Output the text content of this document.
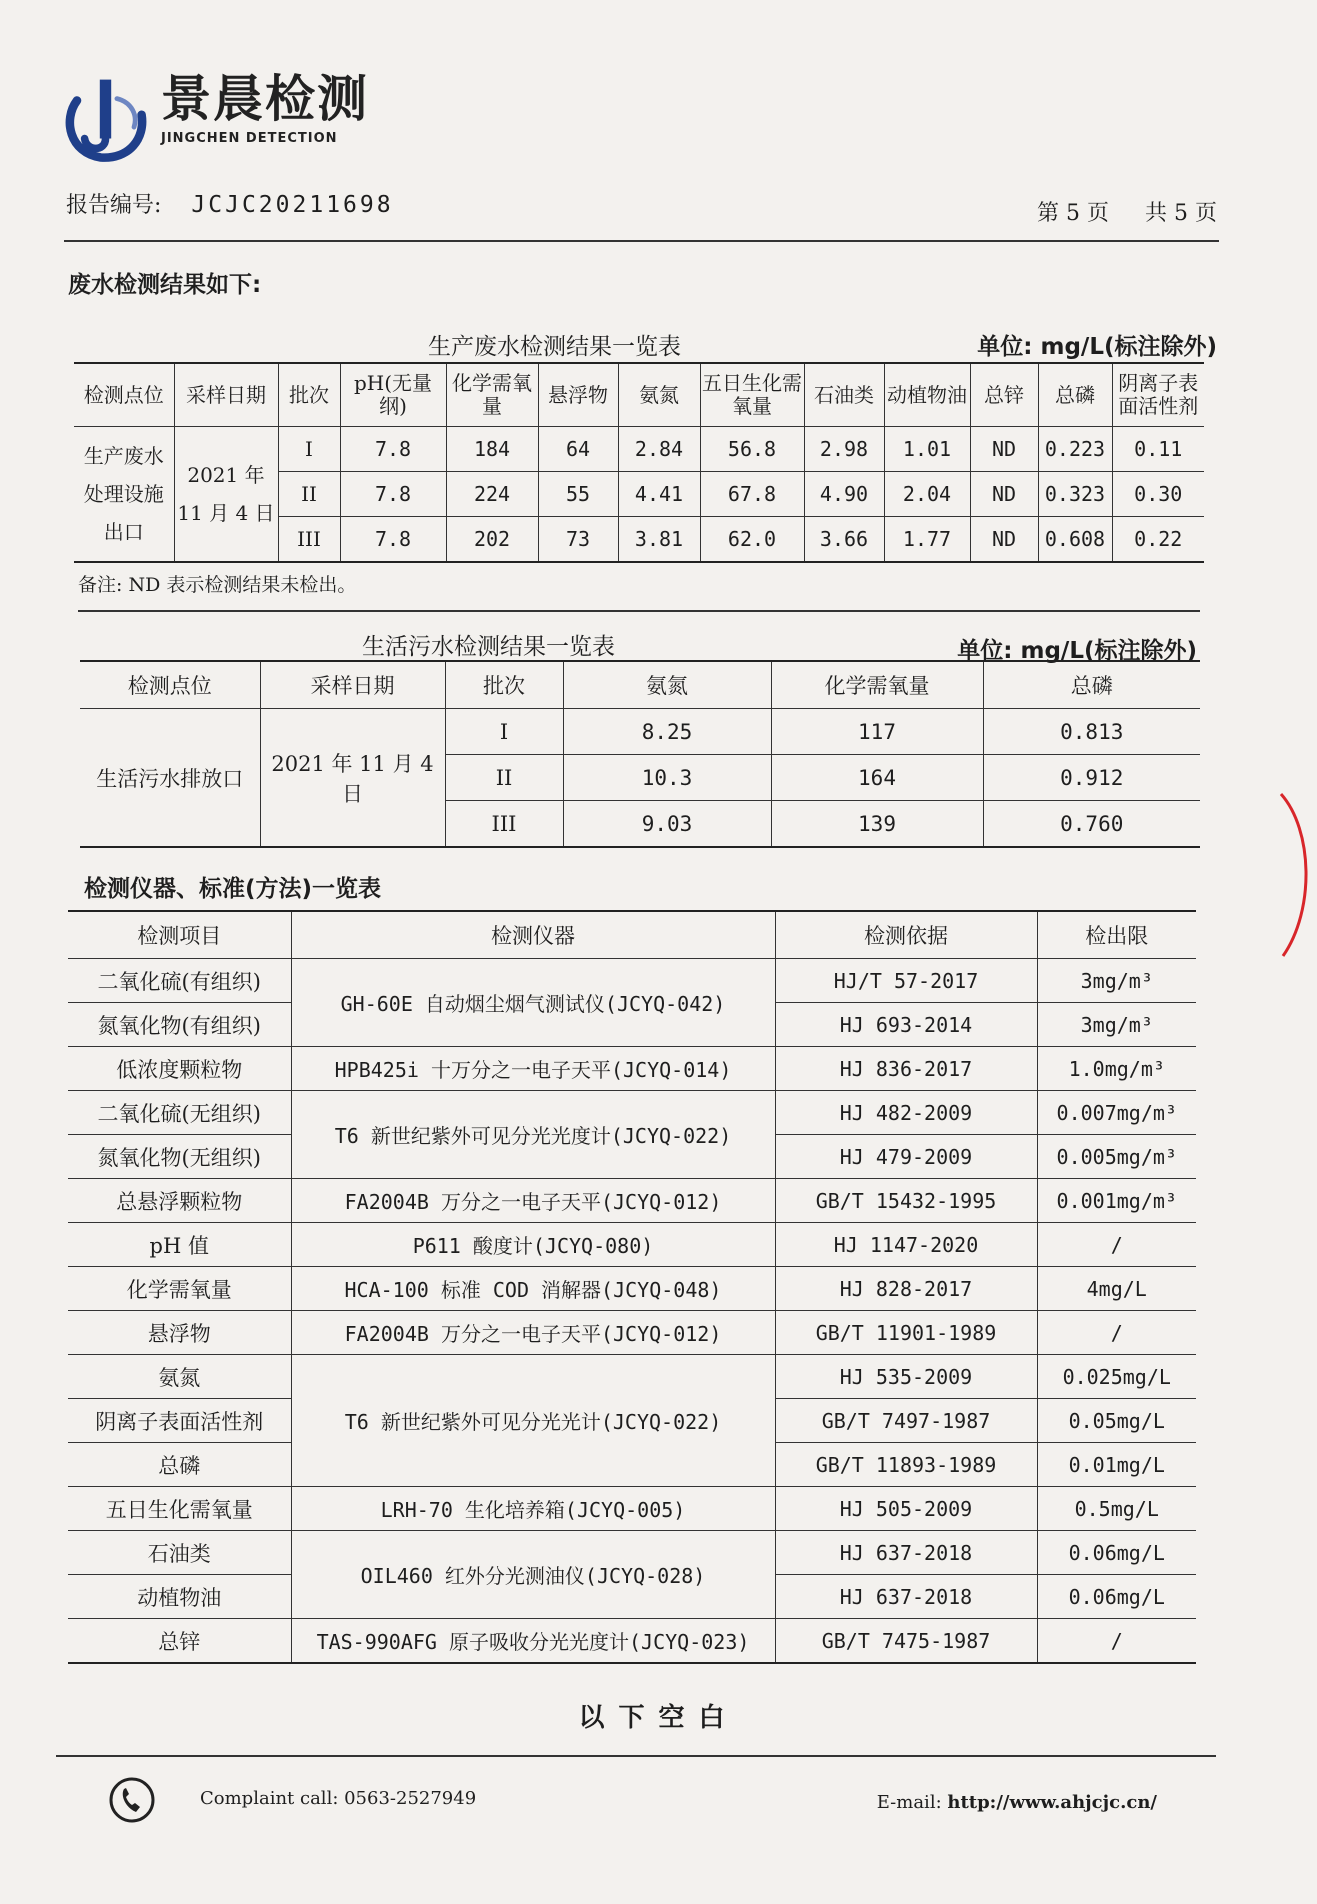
景晨检测
JINGCHEN DETECTION
报告编号: JCJC20211698	第 5 页 共 5 页
废水检测结果如下:
生产废水检测结果一览表	单位: mg/L(标注除外)
检测点位	采样日期	批次	pH(无量纲)	化学需氧量	悬浮物	氨氮	五日生化需氧量	石油类	动植物油	总锌	总磷	阴离子表面活性剂
生产废水处理设施出口	2021 年 11 月 4 日	I	7.8	184	64	2.84	56.8	2.98	1.01	ND	0.223	0.11
		II	7.8	224	55	4.41	67.8	4.90	2.04	ND	0.323	0.30
		III	7.8	202	73	3.81	62.0	3.66	1.77	ND	0.608	0.22
备注: ND 表示检测结果未检出。
生活污水检测结果一览表	单位: mg/L(标注除外)
检测点位	采样日期	批次	氨氮	化学需氧量	总磷
生活污水排放口	2021 年 11 月 4 日	I	8.25	117	0.813
		II	10.3	164	0.912
		III	9.03	139	0.760
检测仪器、标准(方法)一览表
检测项目	检测仪器	检测依据	检出限
二氧化硫(有组织)	GH-60E 自动烟尘烟气测试仪(JCYQ-042)	HJ/T 57-2017	3mg/m³
氮氧化物(有组织)		HJ 693-2014	3mg/m³
低浓度颗粒物	HPB425i 十万分之一电子天平(JCYQ-014)	HJ 836-2017	1.0mg/m³
二氧化硫(无组织)	T6 新世纪紫外可见分光光度计(JCYQ-022)	HJ 482-2009	0.007mg/m³
氮氧化物(无组织)		HJ 479-2009	0.005mg/m³
总悬浮颗粒物	FA2004B 万分之一电子天平(JCYQ-012)	GB/T 15432-1995	0.001mg/m³
pH 值	P611 酸度计(JCYQ-080)	HJ 1147-2020	/
化学需氧量	HCA-100 标准 COD 消解器(JCYQ-048)	HJ 828-2017	4mg/L
悬浮物	FA2004B 万分之一电子天平(JCYQ-012)	GB/T 11901-1989	/
氨氮	T6 新世纪紫外可见分光光计(JCYQ-022)	HJ 535-2009	0.025mg/L
阴离子表面活性剂		GB/T 7497-1987	0.05mg/L
总磷		GB/T 11893-1989	0.01mg/L
五日生化需氧量	LRH-70 生化培养箱(JCYQ-005)	HJ 505-2009	0.5mg/L
石油类	OIL460 红外分光测油仪(JCYQ-028)	HJ 637-2018	0.06mg/L
动植物油		HJ 637-2018	0.06mg/L
总锌	TAS-990AFG 原子吸收分光光度计(JCYQ-023)	GB/T 7475-1987	/
以下空白
Complaint call: 0563-2527949	E-mail: http://www.ahjcjc.cn/
